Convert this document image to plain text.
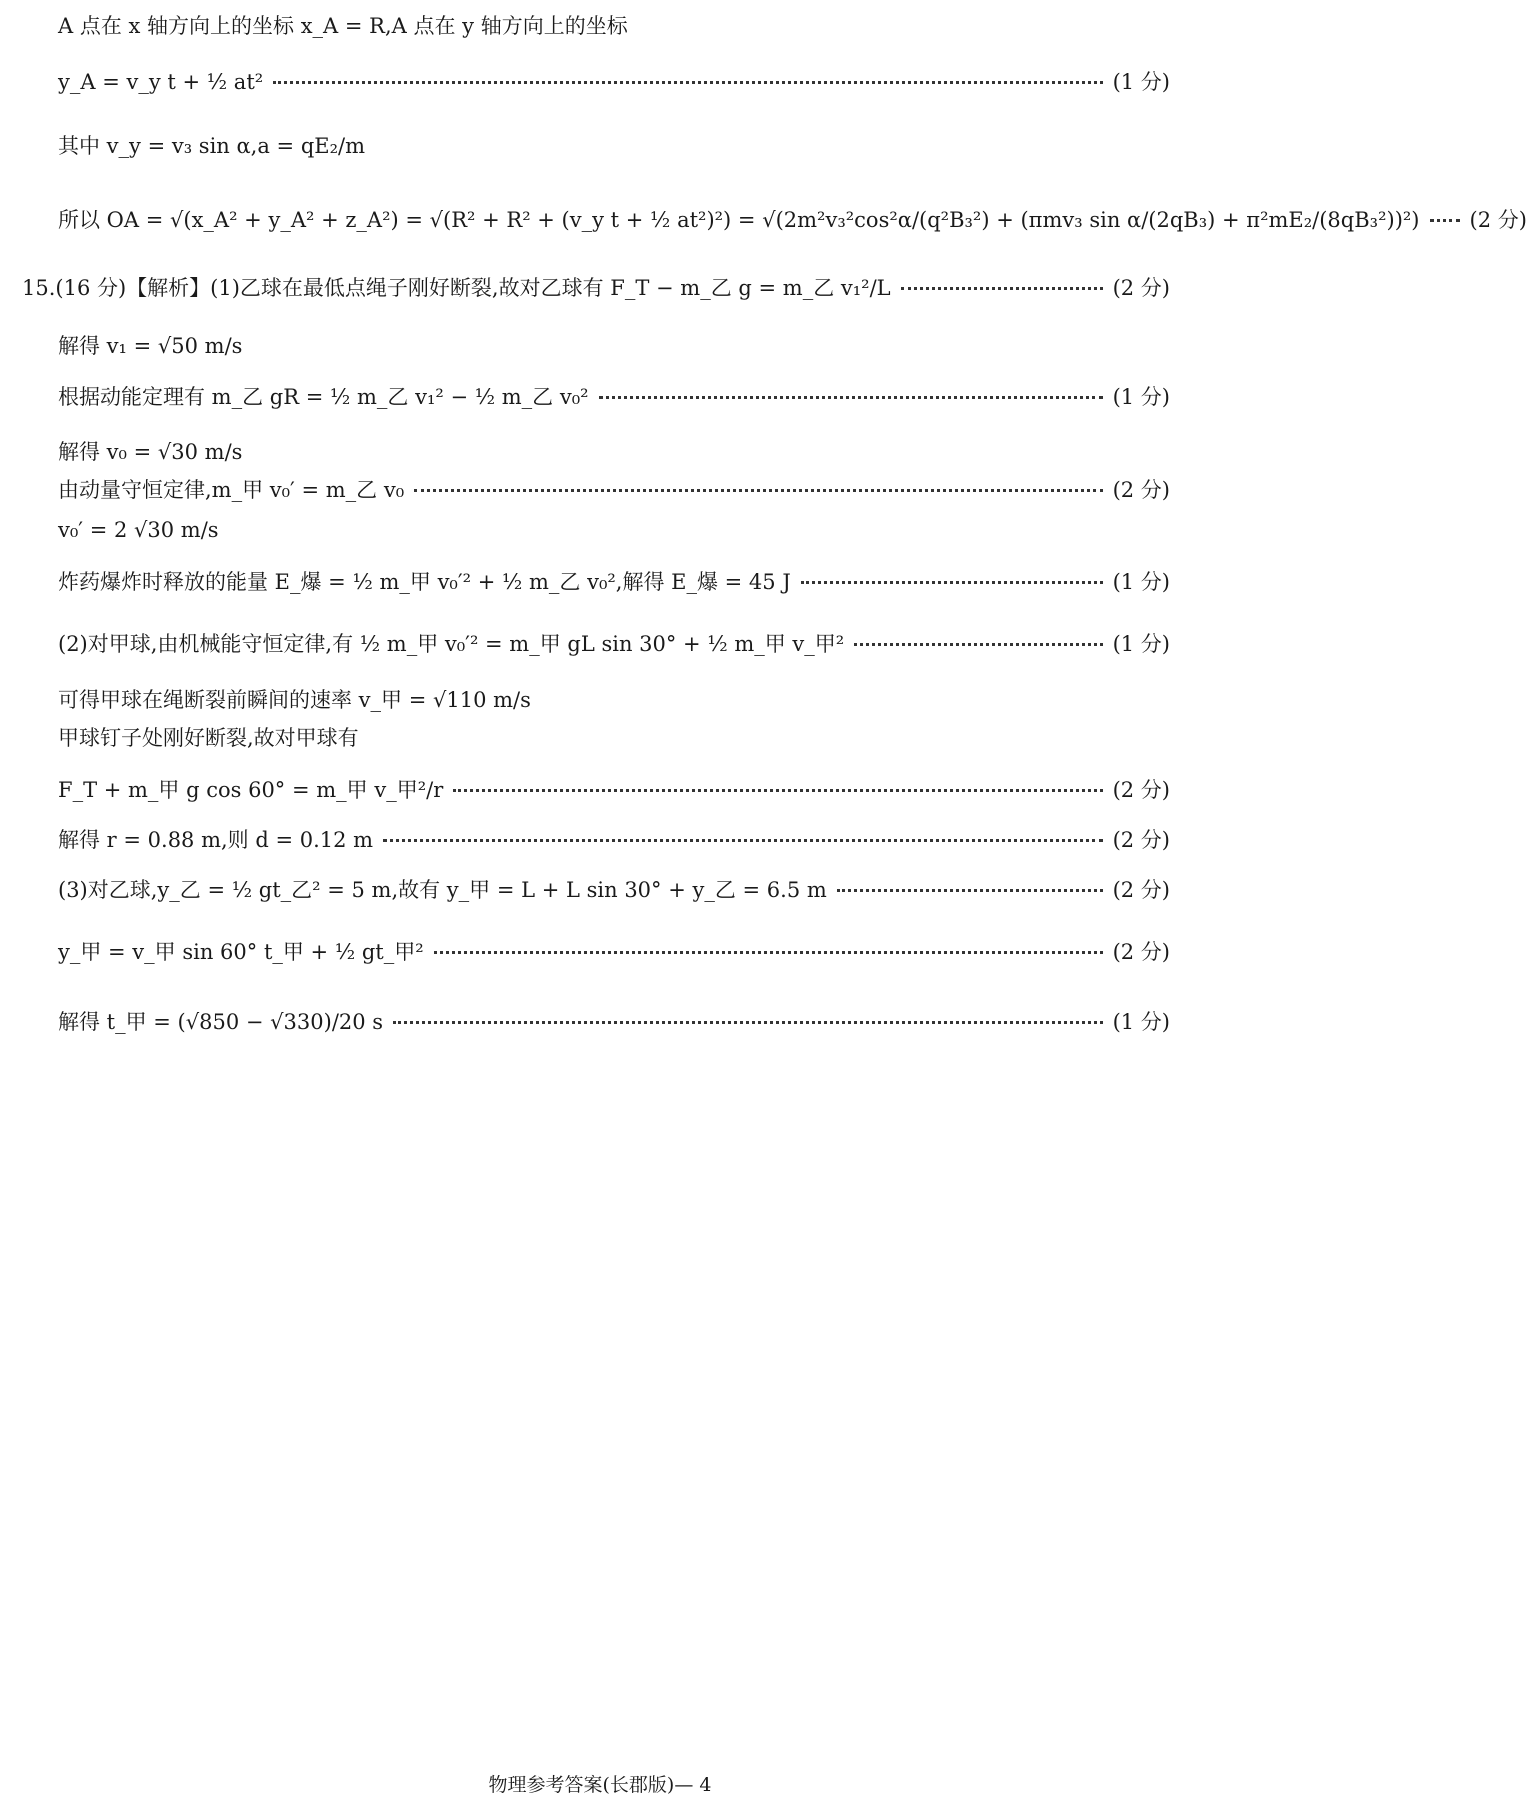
A 点在 x 轴方向上的坐标 x_A = R,A 点在 y 轴方向上的坐标
y_A = v_y t + ½ at²	(1 分)
其中 v_y = v₃ sin α,a = qE₂/m
所以 OA = √(x_A² + y_A² + z_A²) = √(R² + R² + (v_y t + ½ at²)²) = √(2m²v₃²cos²α/(q²B₃²) + (πmv₃ sin α/(2qB₃) + π²mE₂/(8qB₃²))²) (2 分)
15.(16 分)【解析】(1)乙球在最低点绳子刚好断裂,故对乙球有 F_T − m_乙 g = m_乙 v₁²/L	(2 分)
解得 v₁ = √50 m/s
根据动能定理有 m_乙 gR = ½ m_乙 v₁² − ½ m_乙 v₀²	(1 分)
解得 v₀ = √30 m/s
由动量守恒定律,m_甲 v₀′ = m_乙 v₀	(2 分)
v₀′ = 2 √30 m/s
炸药爆炸时释放的能量 E_爆 = ½ m_甲 v₀′² + ½ m_乙 v₀²,解得 E_爆 = 45 J	(1 分)
(2)对甲球,由机械能守恒定律,有 ½ m_甲 v₀′² = m_甲 gL sin 30° + ½ m_甲 v_甲²	(1 分)
可得甲球在绳断裂前瞬间的速率 v_甲 = √110 m/s
甲球钉子处刚好断裂,故对甲球有
F_T + m_甲 g cos 60° = m_甲 v_甲²/r	(2 分)
解得 r = 0.88 m,则 d = 0.12 m	(2 分)
(3)对乙球,y_乙 = ½ gt_乙² = 5 m,故有 y_甲 = L + L sin 30° + y_乙 = 6.5 m	(2 分)
y_甲 = v_甲 sin 60° t_甲 + ½ gt_甲²	(2 分)
解得 t_甲 = (√850 − √330)/20 s	(1 分)
物理参考答案(长郡版)— 4
